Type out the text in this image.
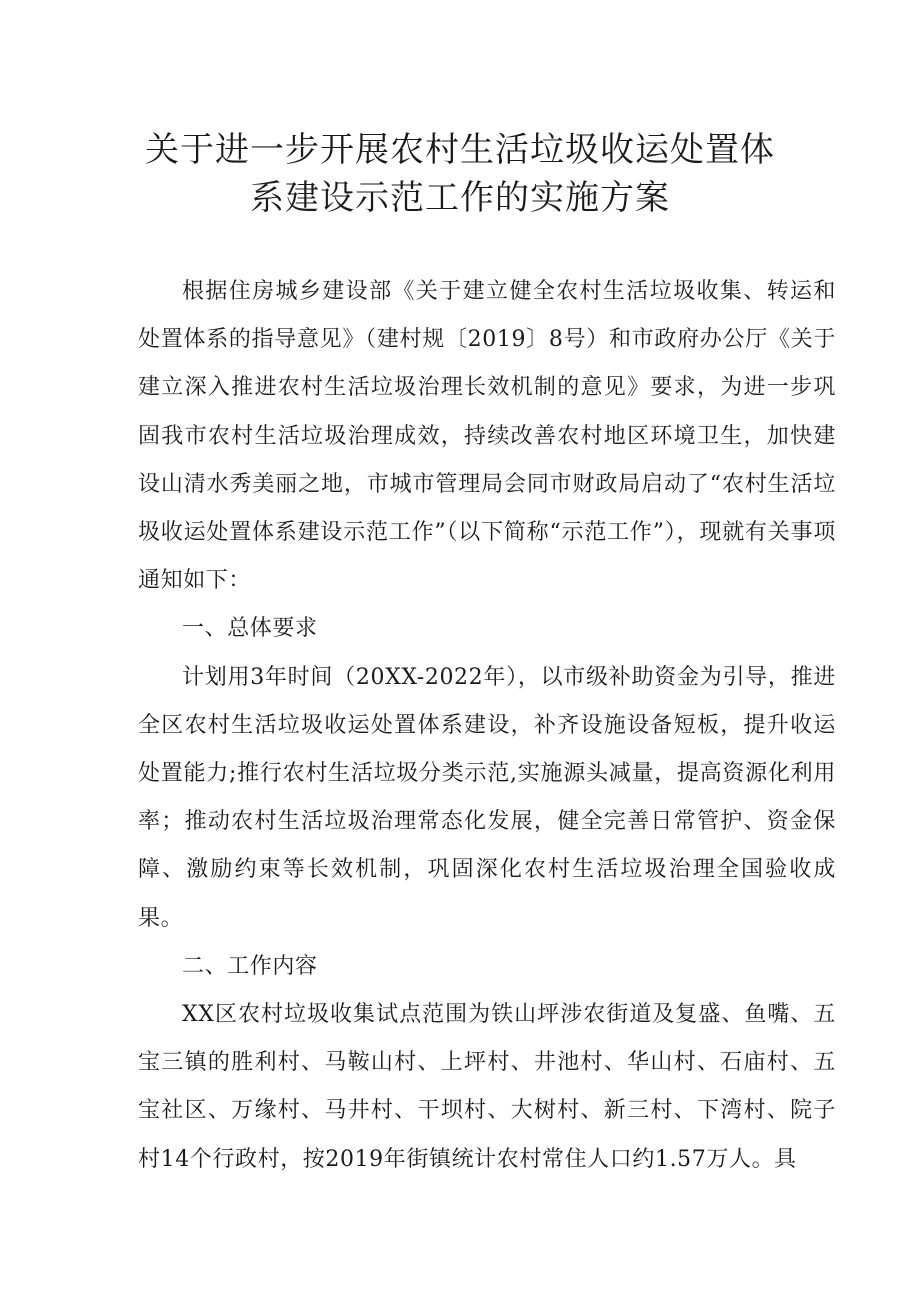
关于进一步开展农村生活垃圾收运处置体
系建设示范工作的实施方案

根据住房城乡建设部《关于建立健全农村生活垃圾收集、转运和处置体系的指导意见》（建村规〔2019〕8号）和市政府办公厅《关于建立深入推进农村生活垃圾治理长效机制的意见》要求，为进一步巩固我市农村生活垃圾治理成效，持续改善农村地区环境卫生，加快建设山清水秀美丽之地，市城市管理局会同市财政局启动了“农村生活垃圾收运处置体系建设示范工作”（以下简称“示范工作”），现就有关事项通知如下：

一、总体要求

计划用3年时间（20XX-2022年），以市级补助资金为引导，推进全区农村生活垃圾收运处置体系建设，补齐设施设备短板，提升收运处置能力;推行农村生活垃圾分类示范,实施源头减量，提高资源化利用率；推动农村生活垃圾治理常态化发展，健全完善日常管护、资金保障、激励约束等长效机制，巩固深化农村生活垃圾治理全国验收成果。

二、工作内容

XX区农村垃圾收集试点范围为铁山坪涉农街道及复盛、鱼嘴、五宝三镇的胜利村、马鞍山村、上坪村、井池村、华山村、石庙村、五宝社区、万缘村、马井村、干坝村、大树村、新三村、下湾村、院子村14个行政村，按2019年街镇统计农村常住人口约1.57万人。具
